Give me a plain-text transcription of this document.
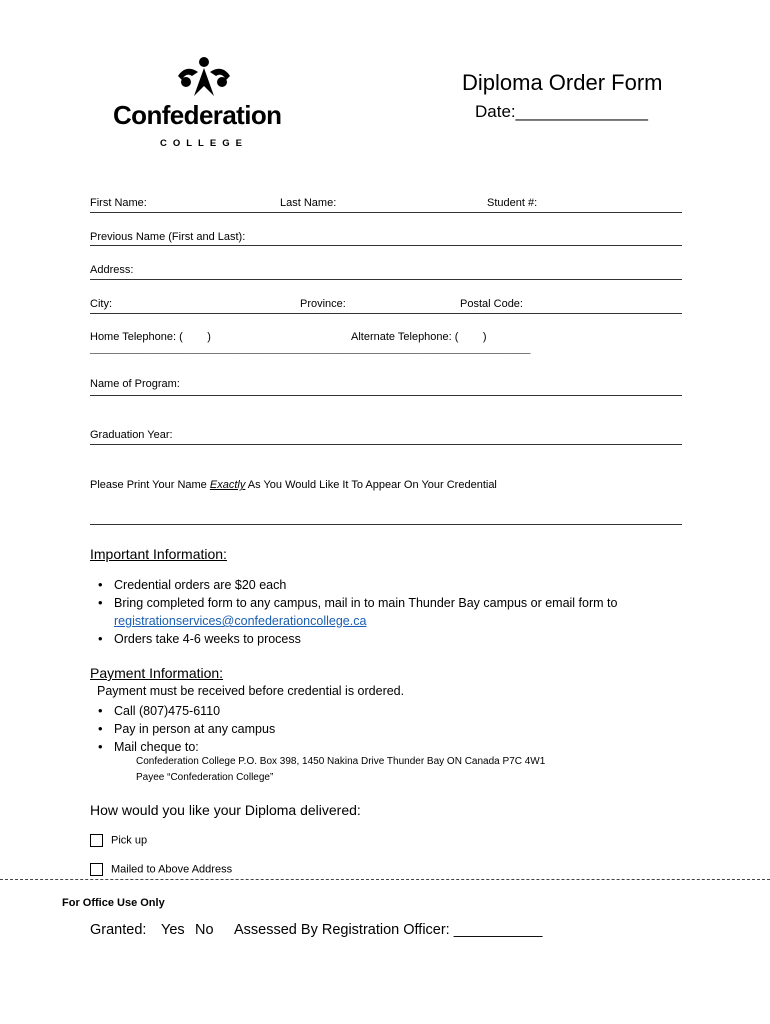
Confederation
COLLEGE
Diploma Order Form
Date:______________
First Name:	Last Name:	Student #:
Previous Name (First and Last):
Address:
City:	Province:	Postal Code:
Home Telephone: (        )	Alternate Telephone: (        )
___________________________________________________________________________________________________
Name of Program:
Graduation Year:
Please Print Your Name Exactly As You Would Like It To Appear On Your Credential
Important Information:
• Credential orders are $20 each
• Bring completed form to any campus, mail in to main Thunder Bay campus or email form to
registrationservices@confederationcollege.ca
• Orders take 4-6 weeks to process
Payment Information:
Payment must be received before credential is ordered.
• Call (807)475-6110
• Pay in person at any campus
• Mail cheque to:
Confederation College P.O. Box 398, 1450 Nakina Drive Thunder Bay ON Canada P7C 4W1
Payee “Confederation College”
How would you like your Diploma delivered:
Pick up
Mailed to Above Address
For Office Use Only
Granted: Yes No Assessed By Registration Officer: ___________
